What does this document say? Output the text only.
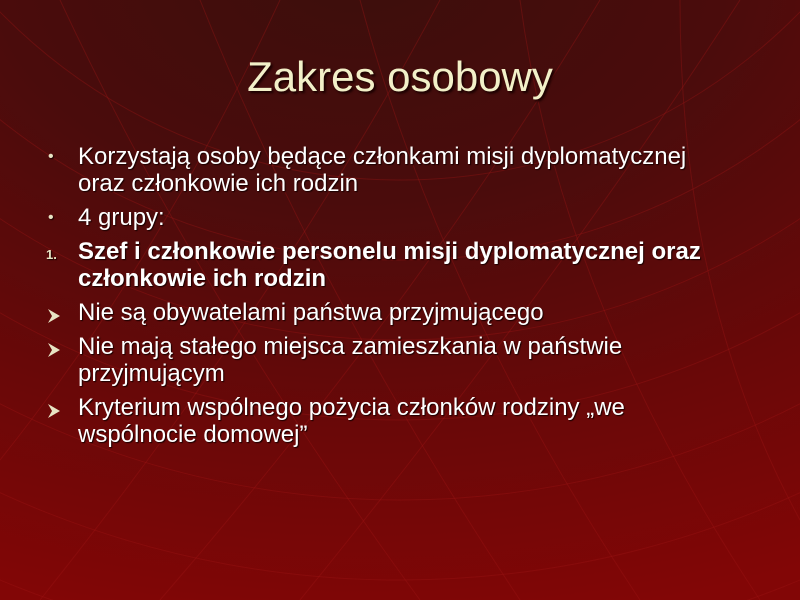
Zakres osobowy
•	Korzystają osoby będące członkami misji dyplomatycznej oraz członkowie ich rodzin
•	4 grupy:
1. Szef i członkowie personelu misji dyplomatycznej oraz członkowie ich rodzin
Nie są obywatelami państwa przyjmującego
Nie mają stałego miejsca zamieszkania w państwie przyjmującym
Kryterium wspólnego pożycia członków rodziny „we wspólnocie domowej”
